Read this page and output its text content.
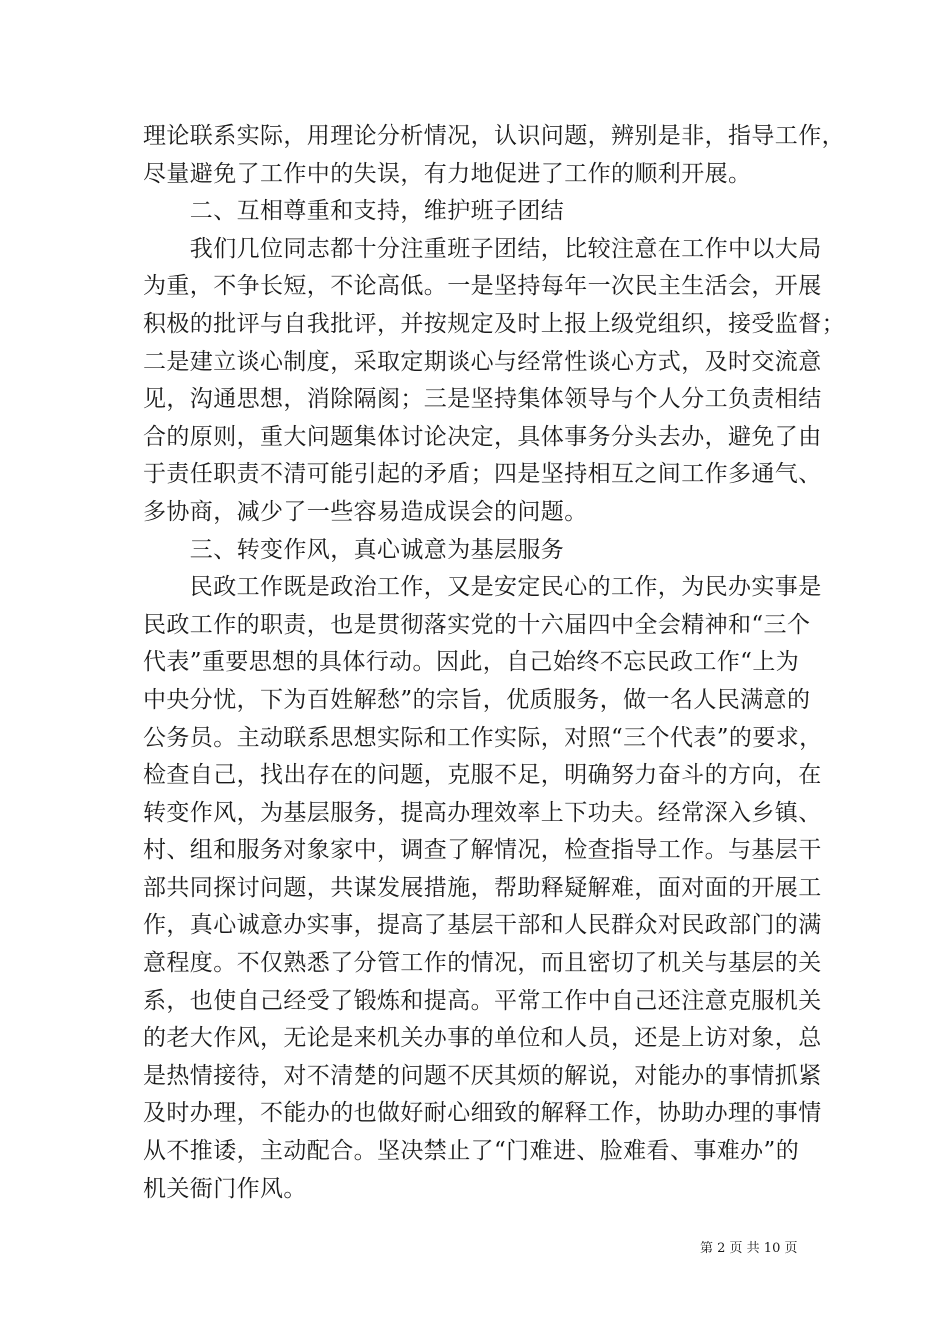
理论联系实际，用理论分析情况，认识问题，辨别是非，指导工作，
尽量避免了工作中的失误，有力地促进了工作的顺利开展。
　　二、互相尊重和支持，维护班子团结
　　我们几位同志都十分注重班子团结，比较注意在工作中以大局
为重，不争长短，不论高低。一是坚持每年一次民主生活会，开展
积极的批评与自我批评，并按规定及时上报上级党组织，接受监督；
二是建立谈心制度，采取定期谈心与经常性谈心方式，及时交流意
见，沟通思想，消除隔阂；三是坚持集体领导与个人分工负责相结
合的原则，重大问题集体讨论决定，具体事务分头去办，避免了由
于责任职责不清可能引起的矛盾；四是坚持相互之间工作多通气、
多协商，减少了一些容易造成误会的问题。
　　三、转变作风，真心诚意为基层服务
　　民政工作既是政治工作，又是安定民心的工作，为民办实事是
民政工作的职责，也是贯彻落实党的十六届四中全会精神和“三个
代表”重要思想的具体行动。因此，自己始终不忘民政工作“上为
中央分忧，下为百姓解愁”的宗旨，优质服务，做一名人民满意的
公务员。主动联系思想实际和工作实际，对照“三个代表”的要求，
检查自己，找出存在的问题，克服不足，明确努力奋斗的方向，在
转变作风，为基层服务，提高办理效率上下功夫。经常深入乡镇、
村、组和服务对象家中，调查了解情况，检查指导工作。与基层干
部共同探讨问题，共谋发展措施，帮助释疑解难，面对面的开展工
作，真心诚意办实事，提高了基层干部和人民群众对民政部门的满
意程度。不仅熟悉了分管工作的情况，而且密切了机关与基层的关
系，也使自己经受了锻炼和提高。平常工作中自己还注意克服机关
的老大作风，无论是来机关办事的单位和人员，还是上访对象，总
是热情接待，对不清楚的问题不厌其烦的解说，对能办的事情抓紧
及时办理，不能办的也做好耐心细致的解释工作，协助办理的事情
从不推诿，主动配合。坚决禁止了“门难进、脸难看、事难办”的
机关衙门作风。
第 2 页 共 10 页
